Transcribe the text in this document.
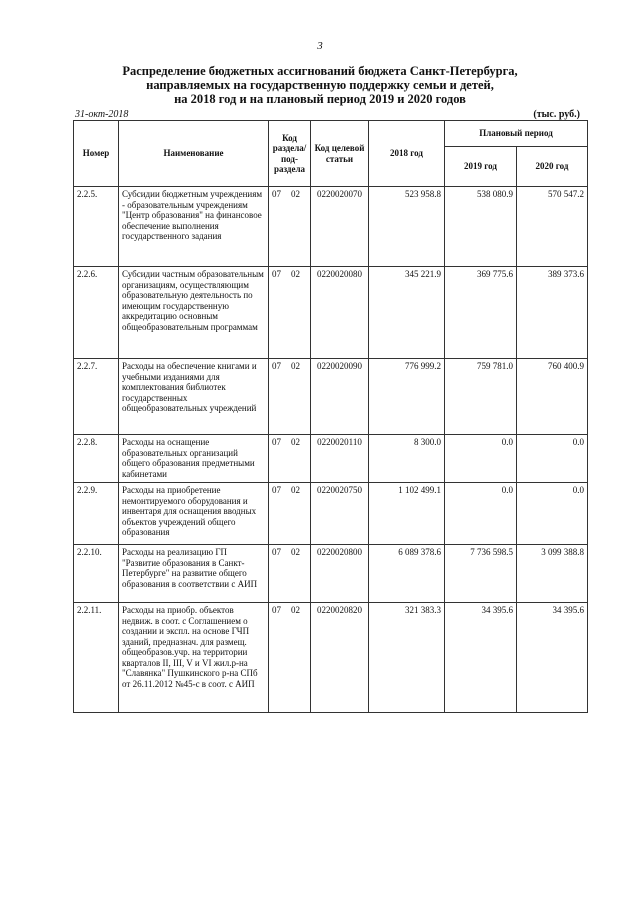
3
Распределение бюджетных ассигнований бюджета Санкт-Петербурга,
направляемых на государственную поддержку семьи и детей,
на 2018 год и на плановый период 2019 и 2020 годов
31-окт-2018	(тыс. руб.)
Номер	Наименование	Код раздела/ под-раздела	Код целевой статьи	2018 год	Плановый период	
					2019 год	2020 год
2.2.5.	Субсидии бюджетным учреждениям - образовательным учреждениям "Центр образования" на финансовое обеспечение выполнения государственного задания	07 02	0220020070	523 958.8	538 080.9	570 547.2
2.2.6.	Субсидии частным образовательным организациям, осуществляющим образовательную деятельность по имеющим государственную аккредитацию основным общеобразовательным программам	07 02	0220020080	345 221.9	369 775.6	389 373.6
2.2.7.	Расходы на обеспечение книгами и учебными изданиями для комплектования библиотек государственных общеобразовательных учреждений	07 02	0220020090	776 999.2	759 781.0	760 400.9
2.2.8.	Расходы на оснащение образовательных организаций общего образования предметными кабинетами	07 02	0220020110	8 300.0	0.0	0.0
2.2.9.	Расходы на приобретение немонтируемого оборудования и инвентаря для оснащения вводных объектов учреждений общего образования	07 02	0220020750	1 102 499.1	0.0	0.0
2.2.10.	Расходы на реализацию ГП "Развитие образования в Санкт-Петербурге" на развитие общего образования в соответствии с АИП	07 02	0220020800	6 089 378.6	7 736 598.5	3 099 388.8
2.2.11.	Расходы на приобр. объектов недвиж. в соот. с Соглашением о создании и экспл. на основе ГЧП зданий, предназнач. для размещ. общеобразов.учр. на территории кварталов II, III, V и VI жил.р-на "Славянка" Пушкинского р-на СПб от 26.11.2012 №45-с в соот. с АИП	07 02	0220020820	321 383.3	34 395.6	34 395.6
